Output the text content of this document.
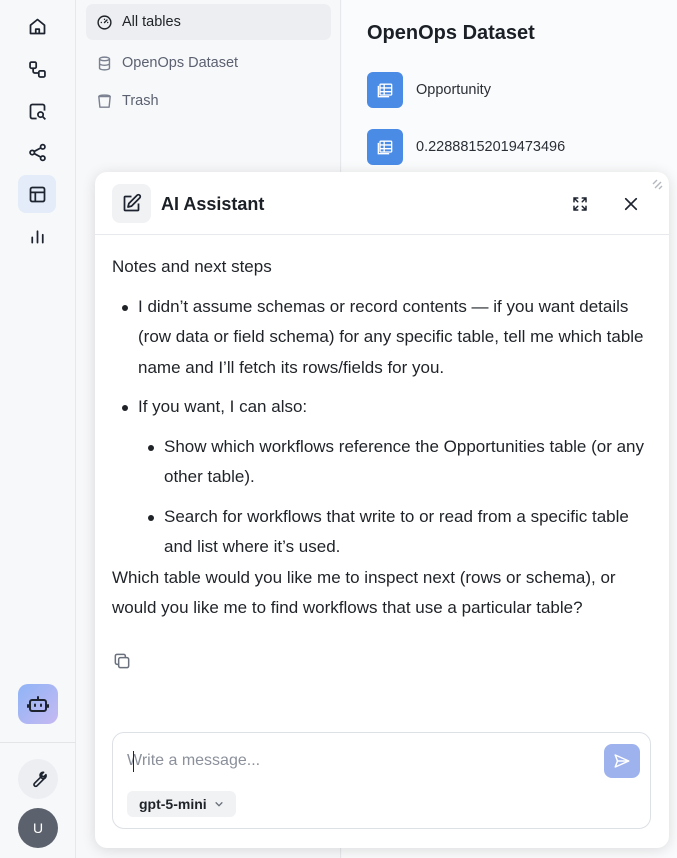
U
All tables
OpenOps Dataset
Trash
OpenOps Dataset
Opportunity
0.22888152019473496
AI Assistant

Notes and next steps

I didn’t assume schemas or record contents — if you want details (row data or field schema) for any specific table, tell me which table name and I’ll fetch its rows/fields for you.
If you want, I can also:
Show which workflows reference the Opportunities table (or any other table).
Search for workflows that write to or read from a specific table and list where it’s used.

Which table would you like me to inspect next (rows or schema), or would you like me to find workflows that use a particular table?

Write a message...
gpt-5-mini
